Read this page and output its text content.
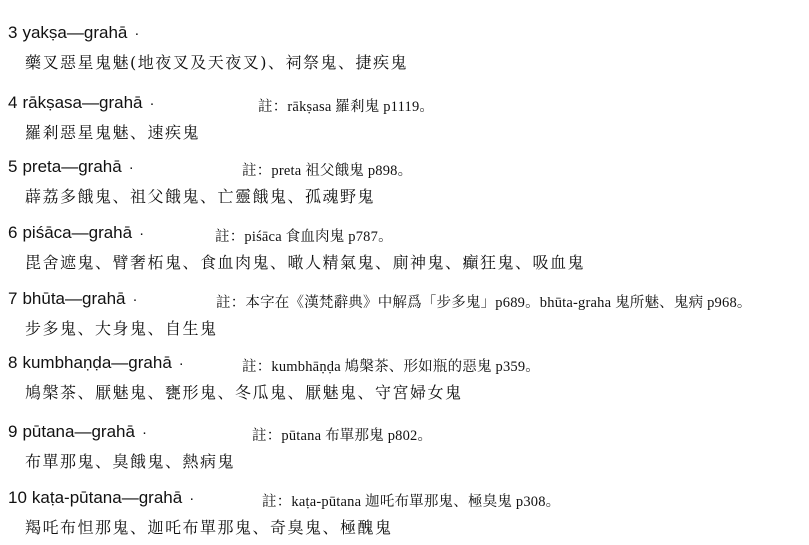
3 yakṣa—grahā ·
藥叉惡星鬼魅(地夜叉及天夜叉)、祠祭鬼、捷疾鬼
4 rākṣasa—grahā ·	註：rākṣasa 羅剎鬼 p1119。
羅剎惡星鬼魅、速疾鬼
5 preta—grahā ·	註：preta 祖父餓鬼 p898。
薜荔多餓鬼、祖父餓鬼、亡靈餓鬼、孤魂野鬼
6 piśāca—grahā ·	註：piśāca 食血肉鬼 p787。
毘舍遮鬼、臂奢柘鬼、食血肉鬼、噉人精氣鬼、廁神鬼、癲狂鬼、吸血鬼
7 bhūta—grahā ·	註：本字在《漢梵辭典》中解爲「步多鬼」p689。bhūta-graha 鬼所魅、鬼病 p968。
步多鬼、大身鬼、自生鬼
8 kumbhaṇḍa—grahā ·	註：kumbhāṇḍa 鳩槃茶、形如瓶的惡鬼 p359。
鳩槃茶、厭魅鬼、甕形鬼、冬瓜鬼、厭魅鬼、守宮婦女鬼
9 pūtana—grahā ·	註：pūtana 布單那鬼 p802。
布單那鬼、臭餓鬼、熱病鬼
10 kaṭa-pūtana—grahā ·	註：kaṭa-pūtana 迦吒布單那鬼、極臭鬼 p308。
羯吒布怛那鬼、迦吒布單那鬼、奇臭鬼、極醜鬼
